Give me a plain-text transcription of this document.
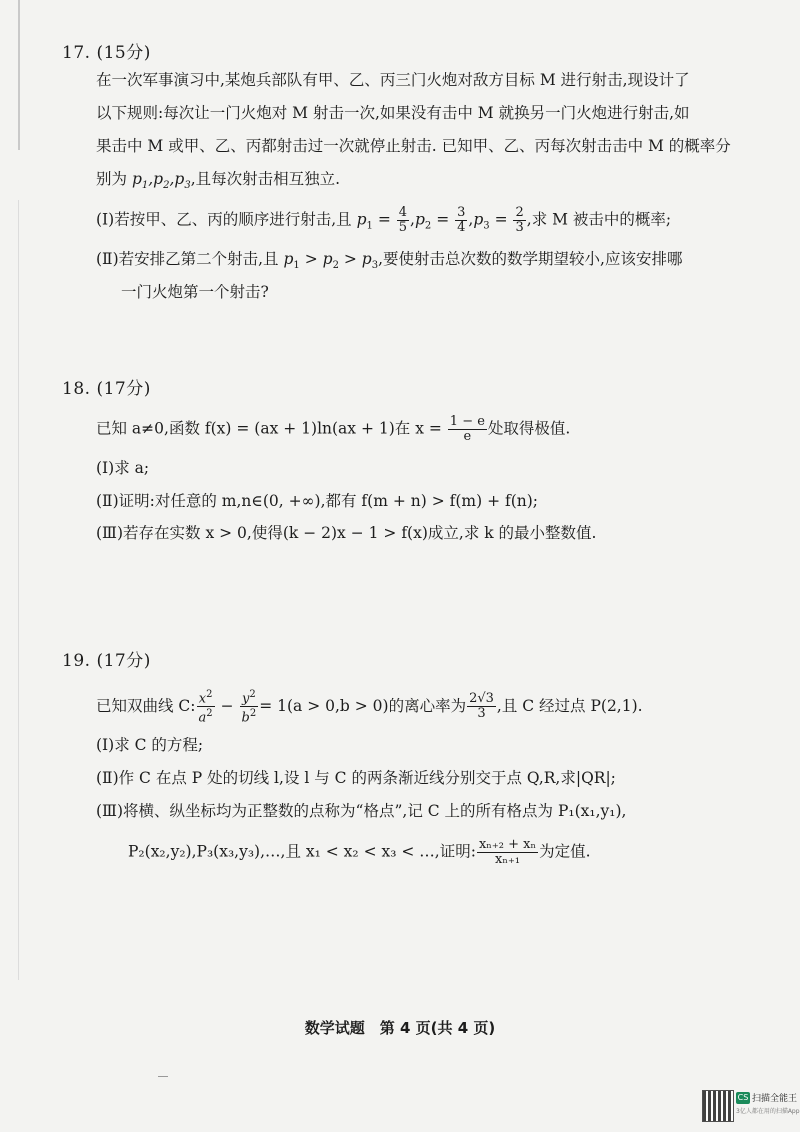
17. (15分)
在一次军事演习中,某炮兵部队有甲、乙、丙三门火炮对敌方目标 M 进行射击,现设计了
以下规则:每次让一门火炮对 M 射击一次,如果没有击中 M 就换另一门火炮进行射击,如
果击中 M 或甲、乙、丙都射击过一次就停止射击. 已知甲、乙、丙每次射击击中 M 的概率分
别为 $p_1,p_2,p_3$,且每次射击相互独立.
(Ⅰ)若按甲、乙、丙的顺序进行射击,且 $p_1 = \frac{4}{5} ,p_2 = \frac{3}{4} ,p_3 = \frac{2}{3}$ ,求 M 被击中的概率;
(Ⅱ)若安排乙第二个射击,且 $p_1 > p_2 > p_3$,要使射击总次数的数学期望较小,应该安排哪
一门火炮第一个射击?
18. (17分)
已知 a≠0,函数 f(x) = (ax + 1)ln(ax + 1)在 $x = \frac{1 - e}{e}$ 处取得极值.
(Ⅰ)求 a;
(Ⅱ)证明:对任意的 m,n∈(0, +∞),都有 f(m + n) > f(m) + f(n);
(Ⅲ)若存在实数 x > 0,使得(k − 2)x − 1 > f(x)成立,求 k 的最小整数值.
19. (17分)
已知双曲线 C: $\frac{x^2}{a^2} - \frac{y^2}{b^2} = 1(a > 0,b > 0)$的离心率为 $\frac{2√3}{3}$ ,且 C 经过点 P(2,1).
(Ⅰ)求 C 的方程;
(Ⅱ)作 C 在点 P 处的切线 l,设 l 与 C 的两条渐近线分别交于点 Q,R,求|QR|;
(Ⅲ)将横、纵坐标均为正整数的点称为“格点”,记 C 上的所有格点为 P₁(x₁,y₁),
P₂(x₂,y₂),P₃(x₃,y₃),…,且 x₁ < x₂ < x₃ < …,证明: $\frac{\text{xₙ₊₂ + xₙ}}{\text{xₙ₊₁}}$ 为定值.
数学试题　第 4 页(共 4 页)
CS 扫描全能王
3亿人都在用的扫描App
